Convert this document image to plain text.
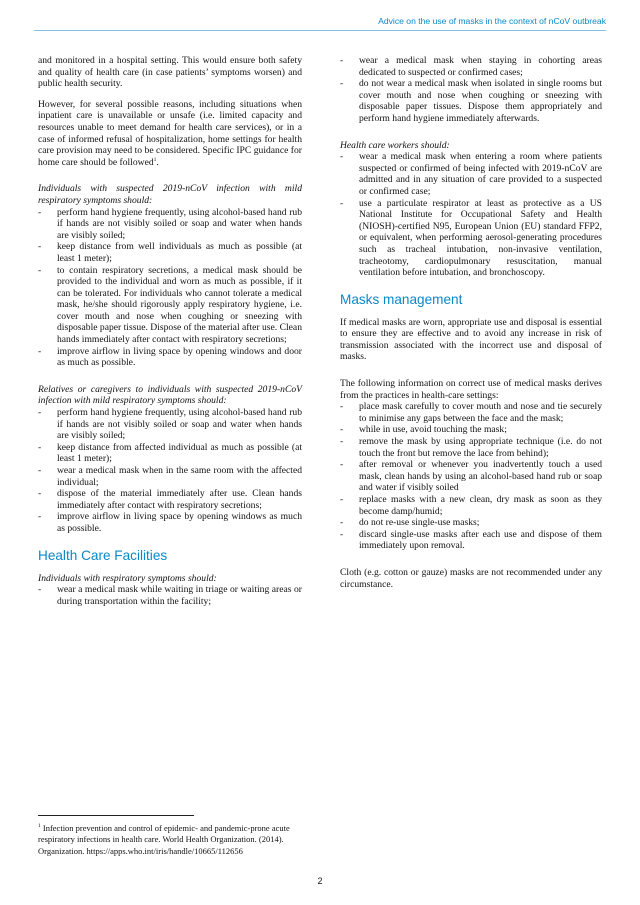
Advice on the use of masks in the context of nCoV outbreak

and monitored in a hospital setting. This would ensure both safety and quality of health care (in case patients’ symptoms worsen) and public health security.

However, for several possible reasons, including situations when inpatient care is unavailable or unsafe (i.e. limited capacity and resources unable to meet demand for health care services), or in a case of informed refusal of hospitalization, home settings for health care provision may need to be considered. Specific IPC guidance for home care should be followed$^1$.

Individuals with suspected 2019-nCoV infection with mild respiratory symptoms should:

- perform hand hygiene frequently, using alcohol-based hand rub if hands are not visibly soiled or soap and water when hands are visibly soiled;
- keep distance from well individuals as much as possible (at least 1 meter);
- to contain respiratory secretions, a medical mask should be provided to the individual and worn as much as possible, if it can be tolerated. For individuals who cannot tolerate a medical mask, he/she should rigorously apply respiratory hygiene, i.e. cover mouth and nose when coughing or sneezing with disposable paper tissue. Dispose of the material after use. Clean hands immediately after contact with respiratory secretions;
- improve airflow in living space by opening windows and door as much as possible.

Relatives or caregivers to individuals with suspected 2019-nCoV infection with mild respiratory symptoms should:

- perform hand hygiene frequently, using alcohol-based hand rub if hands are not visibly soiled or soap and water when hands are visibly soiled;
- keep distance from affected individual as much as possible (at least 1 meter);
- wear a medical mask when in the same room with the affected individual;
- dispose of the material immediately after use. Clean hands immediately after contact with respiratory secretions;
- improve airflow in living space by opening windows as much as possible.
Health Care Facilities

Individuals with respiratory symptoms should:

- wear a medical mask while waiting in triage or waiting areas or during transportation within the facility;
- wear a medical mask when staying in cohorting areas dedicated to suspected or confirmed cases;
- do not wear a medical mask when isolated in single rooms but cover mouth and nose when coughing or sneezing with disposable paper tissues. Dispose them appropriately and perform hand hygiene immediately afterwards.

Health care workers should:

- wear a medical mask when entering a room where patients suspected or confirmed of being infected with 2019-nCoV are admitted and in any situation of care provided to a suspected or confirmed case;
- use a particulate respirator at least as protective as a US National Institute for Occupational Safety and Health (NIOSH)-certified N95, European Union (EU) standard FFP2, or equivalent, when performing aerosol-generating procedures such as tracheal intubation, non-invasive ventilation, tracheotomy, cardiopulmonary resuscitation, manual ventilation before intubation, and bronchoscopy.
Masks management

If medical masks are worn, appropriate use and disposal is essential to ensure they are effective and to avoid any increase in risk of transmission associated with the incorrect use and disposal of masks.

The following information on correct use of medical masks derives from the practices in health-care settings:

- place mask carefully to cover mouth and nose and tie securely to minimise any gaps between the face and the mask;
- while in use, avoid touching the mask;
- remove the mask by using appropriate technique (i.e. do not touch the front but remove the lace from behind);
- after removal or whenever you inadvertently touch a used mask, clean hands by using an alcohol-based hand rub or soap and water if visibly soiled
- replace masks with a new clean, dry mask as soon as they become damp/humid;
- do not re-use single-use masks;
- discard single-use masks after each use and dispose of them immediately upon removal.

Cloth (e.g. cotton or gauze) masks are not recommended under any circumstance.

$^1$ Infection prevention and control of epidemic- and pandemic-prone acute respiratory infections in health care. World Health Organization. (2014). Organization. https://apps.who.int/iris/handle/10665/112656
2
